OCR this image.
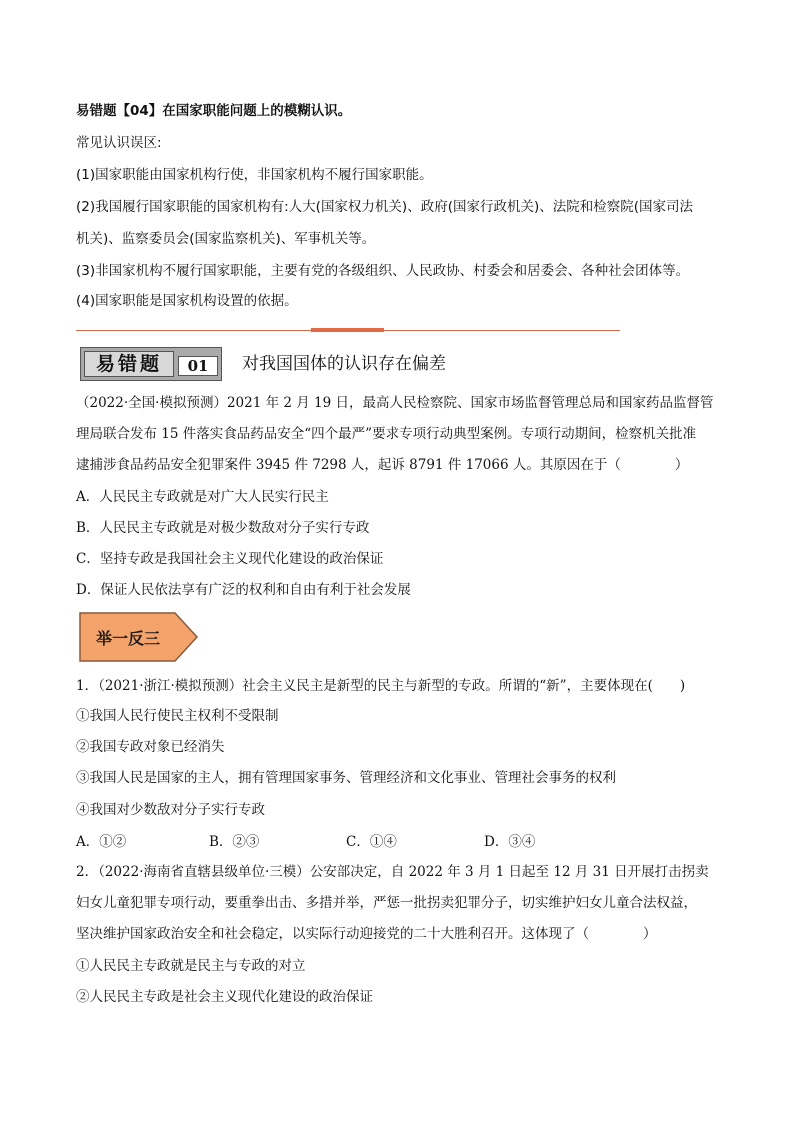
易错题【04】在国家职能问题上的模糊认识。
常见认识误区:
(1)国家职能由国家机构行使，非国家机构不履行国家职能。
(2)我国履行国家职能的国家机构有:人大(国家权力机关)、政府(国家行政机关)、法院和检察院(国家司法
机关)、监察委员会(国家监察机关)、军事机关等。
(3)非国家机构不履行国家职能，主要有党的各级组织、人民政协、村委会和居委会、各种社会团体等。
(4)国家职能是国家机构设置的依据。
易错题	01	对我国国体的认识存在偏差
（2022·全国·模拟预测）2021 年 2 月 19 日，最高人民检察院、国家市场监督管理总局和国家药品监督管
理局联合发布 15 件落实食品药品安全“四个最严”要求专项行动典型案例。专项行动期间，检察机关批准
逮捕涉食品药品安全犯罪案件 3945 件 7298 人，起诉 8791 件 17066 人。其原因在于（　　　　）
A．人民民主专政就是对广大人民实行民主
B．人民民主专政就是对极少数敌对分子实行专政
C．坚持专政是我国社会主义现代化建设的政治保证
D．保证人民依法享有广泛的权利和自由有利于社会发展
举一反三
1．（2021·浙江·模拟预测）社会主义民主是新型的民主与新型的专政。所谓的“新”，主要体现在(　　)
①我国人民行使民主权利不受限制
②我国专政对象已经消失
③我国人民是国家的主人，拥有管理国家事务、管理经济和文化事业、管理社会事务的权利
④我国对少数敌对分子实行专政
A．①②	B．②③	C．①④	D．③④
2．（2022·海南省直辖县级单位·三模）公安部决定，自 2022 年 3 月 1 日起至 12 月 31 日开展打击拐卖
妇女儿童犯罪专项行动，要重拳出击、多措并举，严惩一批拐卖犯罪分子，切实维护妇女儿童合法权益，
坚决维护国家政治安全和社会稳定，以实际行动迎接党的二十大胜利召开。这体现了（　　　　）
①人民民主专政就是民主与专政的对立
②人民民主专政是社会主义现代化建设的政治保证
